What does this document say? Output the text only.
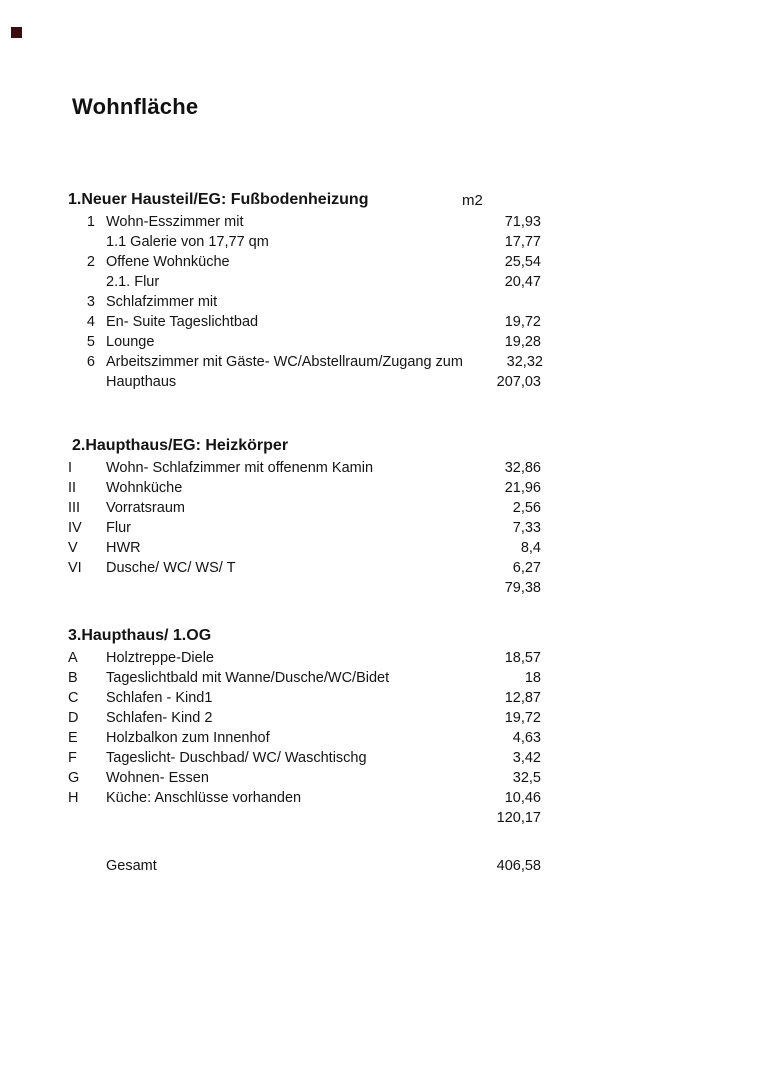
Wohnfläche
1.Neuer Hausteil/EG: Fußbodenheizung	m2
1 Wohn-Esszimmer mit	71,93
1.1 Galerie von 17,77 qm	17,77
2 Offene Wohnküche	25,54
2.1. Flur	20,47
3 Schlafzimmer mit
4 En- Suite Tageslichtbad	19,72
5 Lounge	19,28
6 Arbeitszimmer mit Gäste- WC/Abstellraum/Zugang zum	32,32
Haupthaus	207,03
2.Haupthaus/EG: Heizkörper
I	Wohn- Schlafzimmer mit offenenm Kamin	32,86
II	Wohnküche	21,96
III	Vorratsraum	2,56
IV	Flur	7,33
V	HWR	8,4
VI	Dusche/ WC/ WS/ T	6,27
79,38
3.Haupthaus/ 1.OG
A	Holztreppe-Diele	18,57
B	Tageslichtbald mit Wanne/Dusche/WC/Bidet	18
C	Schlafen - Kind1	12,87
D	Schlafen- Kind 2	19,72
E	Holzbalkon zum Innenhof	4,63
F	Tageslicht- Duschbad/ WC/ Waschtischg	3,42
G	Wohnen- Essen	32,5
H	Küche: Anschlüsse vorhanden	10,46
120,17
Gesamt	406,58
